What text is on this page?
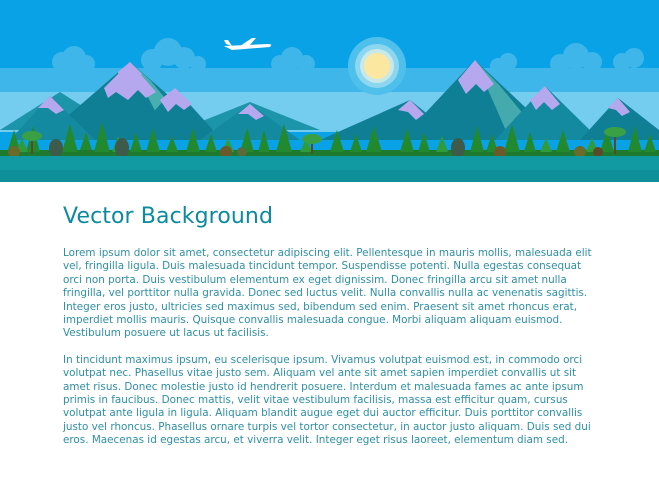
Vector Background

Lorem ipsum dolor sit amet, consectetur adipiscing elit. Pellentesque in mauris mollis, malesuada elit vel, fringilla ligula. Duis malesuada tincidunt tempor. Suspendisse potenti. Nulla egestas consequat orci non porta. Duis vestibulum elementum ex eget dignissim. Donec fringilla arcu sit amet nulla fringilla, vel porttitor nulla gravida. Donec sed luctus velit. Nulla convallis nulla ac venenatis sagittis. Integer eros justo, ultricies sed maximus sed, bibendum sed enim. Praesent sit amet rhoncus erat, imperdiet mollis mauris. Quisque convallis malesuada congue. Morbi aliquam aliquam euismod. Vestibulum posuere ut lacus ut facilisis.

In tincidunt maximus ipsum, eu scelerisque ipsum. Vivamus volutpat euismod est, in commodo orci volutpat nec. Phasellus vitae justo sem. Aliquam vel ante sit amet sapien imperdiet convallis ut sit amet risus. Donec molestie justo id hendrerit posuere. Interdum et malesuada fames ac ante ipsum primis in faucibus. Donec mattis, velit vitae vestibulum facilisis, massa est efficitur quam, cursus volutpat ante ligula in ligula. Aliquam blandit augue eget dui auctor efficitur. Duis porttitor convallis justo vel rhoncus. Phasellus ornare turpis vel tortor consectetur, in auctor justo aliquam. Duis sed dui eros. Maecenas id egestas arcu, et viverra velit. Integer eget risus laoreet, elementum diam sed.
